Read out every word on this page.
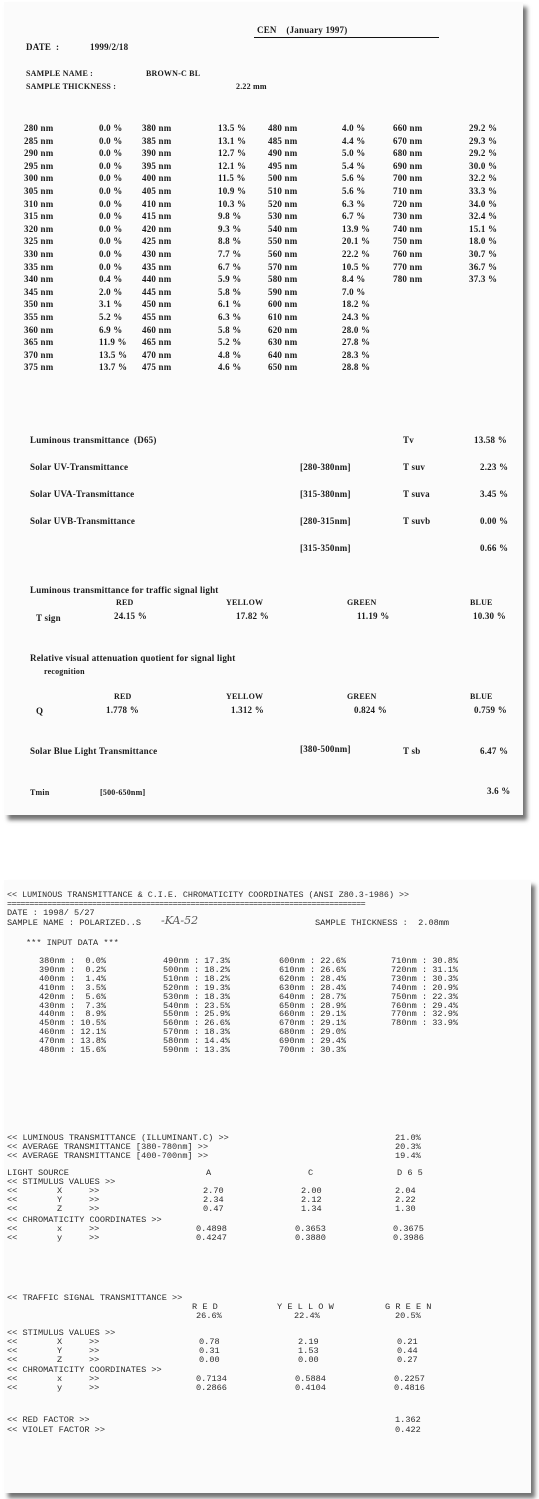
CEN    (January 1997)
DATE  :	1999/2/18
SAMPLE NAME :	BROWN-C BL
SAMPLE THICKNESS :	2.22 mm
Luminous transmittance  (D65)	Tv	13.58 %
Solar UV-Transmittance	[280-380nm]	T suv	2.23 %
Solar UVA-Transmittance	[315-380nm]	T suva	3.45 %
Solar UVB-Transmittance	[280-315nm]	T suvb	0.00 %
[315-350nm]	0.66 %
Luminous transmittance for traffic signal light
RED	YELLOW	GREEN	BLUE
T sign	24.15 %	17.82 %	11.19 %	10.30 %
Relative visual attenuation quotient for signal light
recognition
RED	YELLOW	GREEN	BLUE
Q	1.778 %	1.312 %	0.824 %	0.759 %
Solar Blue Light Transmittance	[380-500nm]	T sb	6.47 %
Tmin	[500-650nm]	3.6 %
280 nm	0.0 %
285 nm	0.0 %
290 nm	0.0 %
295 nm	0.0 %
300 nm	0.0 %
305 nm	0.0 %
310 nm	0.0 %
315 nm	0.0 %
320 nm	0.0 %
325 nm	0.0 %
330 nm	0.0 %
335 nm	0.0 %
340 nm	0.4 %
345 nm	2.0 %
350 nm	3.1 %
355 nm	5.2 %
360 nm	6.9 %
365 nm	11.9 %
370 nm	13.5 %
375 nm	13.7 %
380 nm	13.5 %
385 nm	13.1 %
390 nm	12.7 %
395 nm	12.1 %
400 nm	11.5 %
405 nm	10.9 %
410 nm	10.3 %
415 nm	9.8 %
420 nm	9.3 %
425 nm	8.8 %
430 nm	7.7 %
435 nm	6.7 %
440 nm	5.9 %
445 nm	5.8 %
450 nm	6.1 %
455 nm	6.3 %
460 nm	5.8 %
465 nm	5.2 %
470 nm	4.8 %
475 nm	4.6 %
480 nm	4.0 %
485 nm	4.4 %
490 nm	5.0 %
495 nm	5.4 %
500 nm	5.6 %
510 nm	5.6 %
520 nm	6.3 %
530 nm	6.7 %
540 nm	13.9 %
550 nm	20.1 %
560 nm	22.2 %
570 nm	10.5 %
580 nm	8.4 %
590 nm	7.0 %
600 nm	18.2 %
610 nm	24.3 %
620 nm	28.0 %
630 nm	27.8 %
640 nm	28.3 %
650 nm	28.8 %
660 nm	29.2 %
670 nm	29.3 %
680 nm	29.2 %
690 nm	30.0 %
700 nm	32.2 %
710 nm	33.3 %
720 nm	34.0 %
730 nm	32.4 %
740 nm	15.1 %
750 nm	18.0 %
760 nm	30.7 %
770 nm	36.7 %
780 nm	37.3 %
<< LUMINOUS TRANSMITTANCE & C.I.E. CHROMATICITY COORDINATES (ANSI Z80.3-1986) >>
================================================================================
DATE : 1998/ 5/27
SAMPLE NAME : POLARIZED..S -KA-52	SAMPLE THICKNESS :  2.08mm
*** INPUT DATA ***
<< LUMINOUS TRANSMITTANCE (ILLUMINANT.C) >>	21.0%
<< AVERAGE TRANSMITTANCE [380-780nm] >>	20.3%
<< AVERAGE TRANSMITTANCE [400-700nm] >>	19.4%
LIGHT SOURCE	A	C	D 6 5
<< STIMULUS VALUES >>
<< CHROMATICITY COORDINATES >>
<< TRAFFIC SIGNAL TRANSMITTANCE >>
R E D	Y E L L O W	G R E E N
26.6%	22.4%	20.5%
<< STIMULUS VALUES >>
<< CHROMATICITY COORDINATES >>
<< RED FACTOR >>	1.362
<< VIOLET FACTOR >>	0.422
380nm :  0.0%
390nm :  0.2%
400nm :  1.4%
410nm :  3.5%
420nm :  5.6%
430nm :  7.3%
440nm :  8.9%
450nm : 10.5%
460nm : 12.1%
470nm : 13.8%
480nm : 15.6%
490nm : 17.3%
500nm : 18.2%
510nm : 18.2%
520nm : 19.3%
530nm : 18.3%
540nm : 23.5%
550nm : 25.9%
560nm : 26.6%
570nm : 18.3%
580nm : 14.4%
590nm : 13.3%
600nm : 22.6%
610nm : 26.6%
620nm : 28.4%
630nm : 28.4%
640nm : 28.7%
650nm : 28.9%
660nm : 29.1%
670nm : 29.1%
680nm : 29.0%
690nm : 29.4%
700nm : 30.3%
710nm : 30.8%
720nm : 31.1%
730nm : 30.3%
740nm : 20.9%
750nm : 22.3%
760nm : 29.4%
770nm : 32.9%
780nm : 33.9%
<<	X	>>	2.70	2.00	2.04
<<	Y	>>	2.34	2.12	2.22
<<	Z	>>	0.47	1.34	1.30
<<	x	>>	0.4898	0.3653	0.3675
<<	y	>>	0.4247	0.3880	0.3986
<<	X	>>	0.78	2.19	0.21
<<	Y	>>	0.31	1.53	0.44
<<	Z	>>	0.00	0.00	0.27
<<	x	>>	0.7134	0.5884	0.2257
<<	y	>>	0.2866	0.4104	0.4816
